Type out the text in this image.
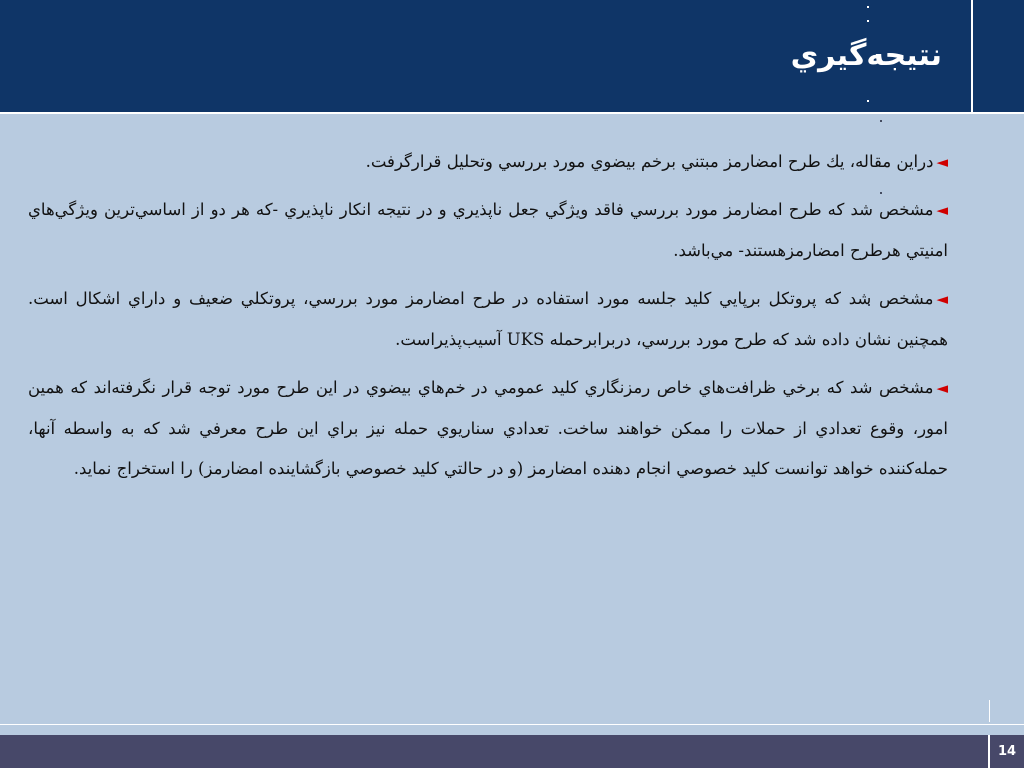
نتيجه‌گيري

◄دراين مقاله، يك طرح امضارمز مبتني برخم بيضوي مورد بررسي وتحليل قرارگرفت.

◄مشخص شد كه طرح امضارمز مورد بررسي فاقد ويژگي جعل ناپذيري و در نتيجه انكار ناپذيري -كه هر دو از اساسي‌ترين ويژگي‌هاي امنيتي هرطرح امضارمزهستند- مي‌باشد.

◄مشخص شد كه پروتكل برپايي كليد جلسه مورد استفاده در طرح امضارمز مورد بررسي، پروتكلي ضعيف و داراي اشكال است. همچنين نشان داده شد كه طرح مورد بررسي، دربرابرحمله UKS آسيب‌پذيراست.

◄مشخص شد كه برخي ظرافت‌هاي خاص رمزنگاري كليد عمومي در خم‌هاي بيضوي در اين طرح مورد توجه قرار نگرفته‌اند كه همين امور، وقوع تعدادي از حملات را ممكن خواهند ساخت. تعدادي سناريوي حمله نيز براي اين طرح معرفي شد كه به واسطه آنها، حمله‌كننده خواهد توانست كليد خصوصي انجام دهنده امضارمز (و در حالتي كليد خصوصي بازگشاينده امضارمز) را استخراج نمايد.

14
